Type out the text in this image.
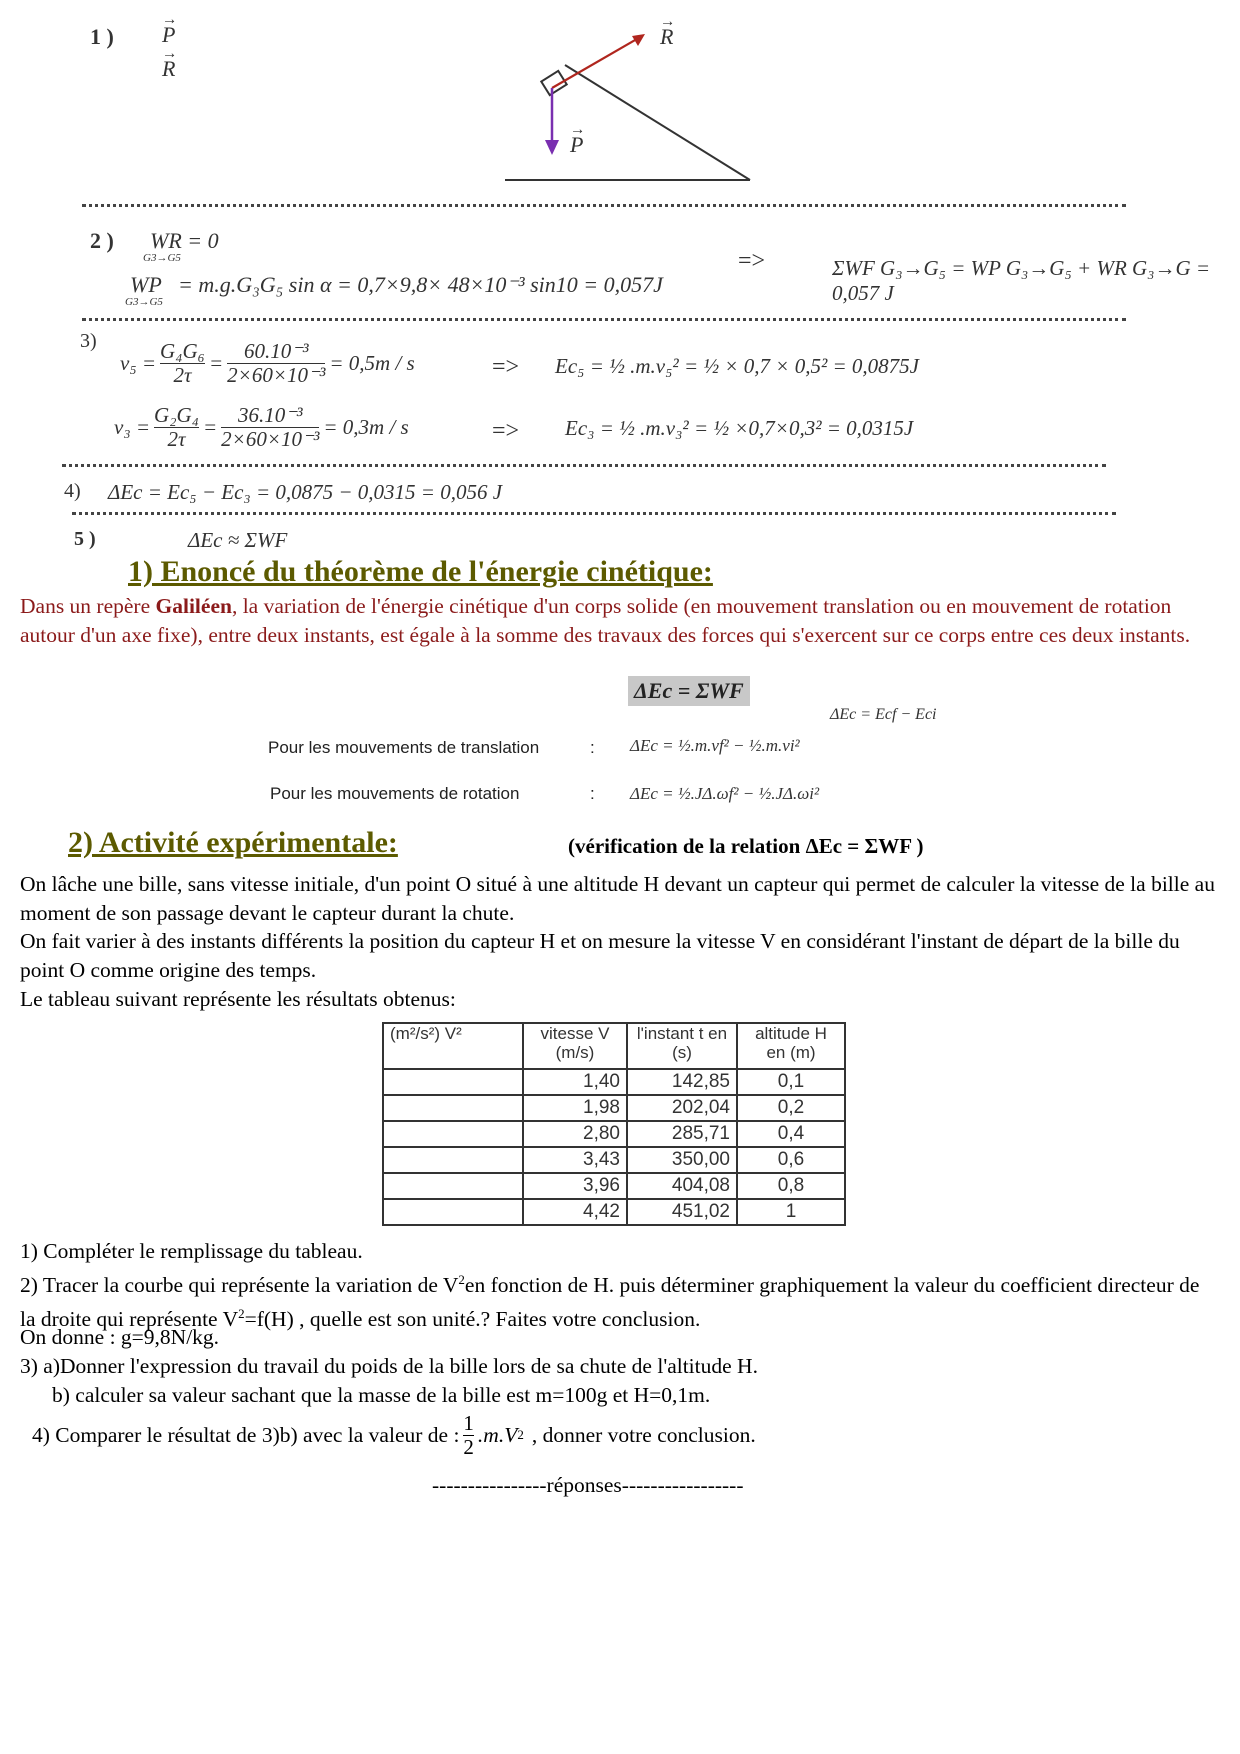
1 ) → P
→ R
→ R
→ P
2 ) WR = 0
G3→G5
WP
G3→G5
= m.g.G₃G₅ sin α = 0,7×9,8× 48×10⁻³ sin10 = 0,057J
=>	ΣWF G₃→G₅ = WP G₃→G₅ + WR G₃→G = 0,057 J
3)
$v_5 = \frac{\text{G₄G₆}}{2\tau} = \frac{\text{60.10⁻³}}{\text{2×60×10⁻³}} = 0,5m / s$	=> Ec₅ = ½ .m.v₅² = ½ × 0,7 × 0,5² = 0,0875J
$v_3 = \frac{\text{G₂G₄}}{2\tau} = \frac{\text{36.10⁻³}}{\text{2×60×10⁻³}} = 0,3m / s$	=> Ec₃ = ½ .m.v₃² = ½ ×0,7×0,3² = 0,0315J
4) ΔEc = Ec₅ − Ec₃ = 0,0875 − 0,0315 = 0,056 J
5 )	ΔEc ≈ ΣWF
1) Enoncé du théorème de l'énergie cinétique:
Dans un repère Galiléen, la variation de l'énergie cinétique d'un corps solide (en mouvement translation ou en mouvement de rotation autour d'un axe fixe), entre deux instants, est égale à la somme des travaux des forces qui s'exercent sur ce corps entre ces deux instants.
ΔEc = ΣWF
ΔEc = Ecf − Eci
Pour les mouvements de translation	: ΔEc = ½.m.vf² − ½.m.vi²
Pour les mouvements de rotation	: ΔEc = ½.JΔ.ωf² − ½.JΔ.ωi²
2) Activité expérimentale:	(vérification de la relation ΔEc = ΣWF )
On lâche une bille, sans vitesse initiale, d'un point O situé à une altitude H devant un capteur qui permet de calculer la vitesse de la bille au moment de son passage devant le capteur durant la chute.
On fait varier à des instants différents la position du capteur H et on mesure la vitesse V en considérant l'instant de départ de la bille du point O comme origine des temps.
Le tableau suivant représente les résultats obtenus:
(m²/s²) V²	vitesse V (m/s)	l'instant t en (s)	altitude H en (m)
	1,40	142,85	0,1
	1,98	202,04	0,2
	2,80	285,71	0,4
	3,43	350,00	0,6
	3,96	404,08	0,8
	4,42	451,02	1
1) Compléter le remplissage du tableau.
2) Tracer la courbe qui représente la variation de $V^2en$ fonction de H. puis déterminer graphiquement la valeur du coefficient directeur de la droite qui représente $V^2=f(H)$ , quelle est son unité.? Faites votre conclusion.
On donne : g=9,8N/kg.
3) a)Donner l'expression du travail du poids de la bille lors de sa chute de l'altitude H.
b) calculer sa valeur sachant que la masse de la bille est m=100g et H=0,1m.
4) Comparer le résultat de 3)b) avec la valeur de : $\frac{1}{2} .m.V$ 2 , donner votre conclusion.
----------------réponses-----------------
